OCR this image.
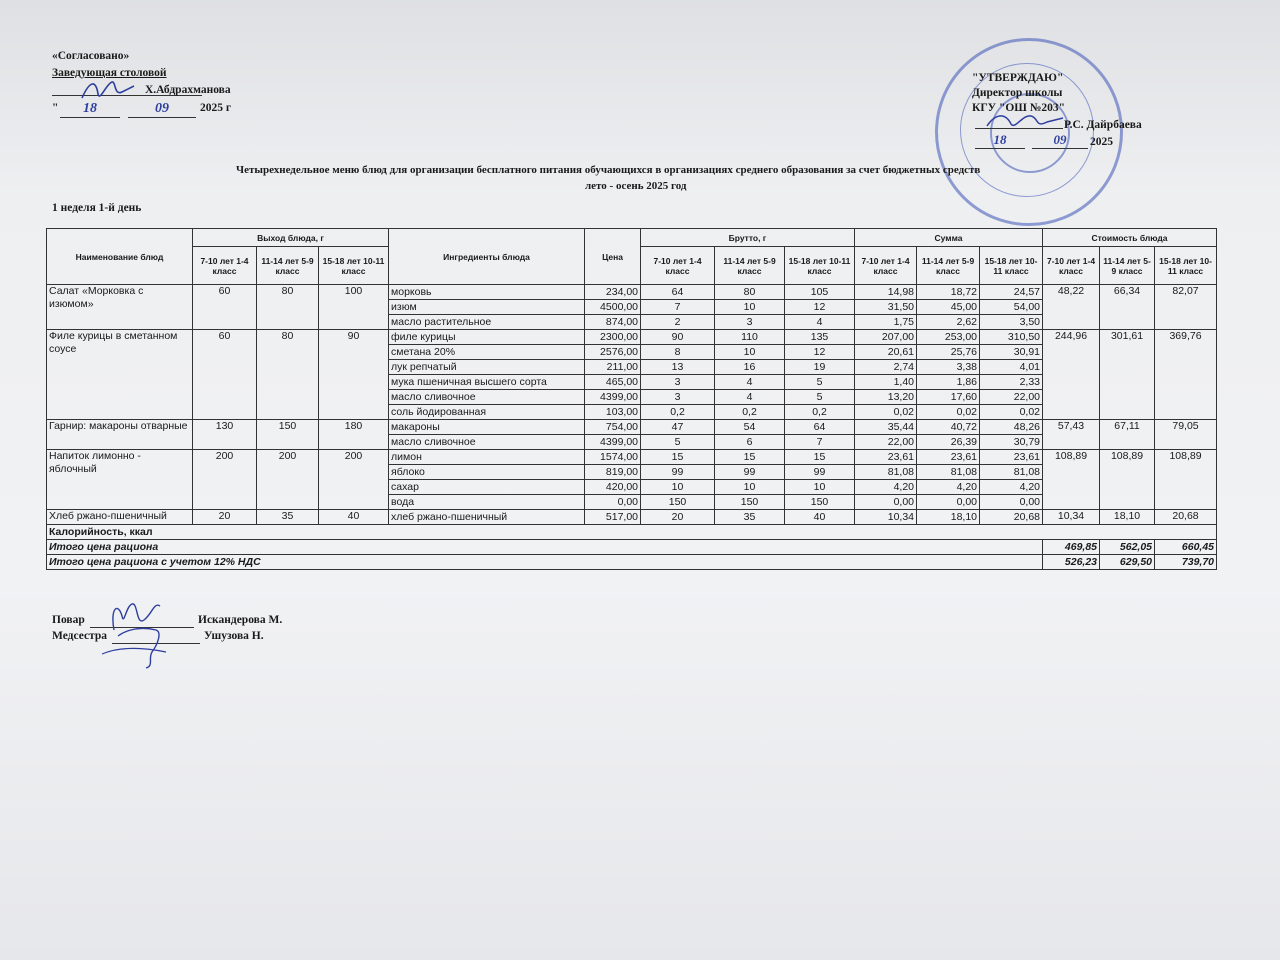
«Согласовано»
Заведующая столовой
Х.Абдрахманова
"	18	09	2025 г
"УТВЕРЖДАЮ"
Директор школы
КГУ "ОШ №203"
Р.С. Дайрбаева
18	09	2025
Четырехнедельное меню блюд для организации бесплатного питания обучающихся в организациях среднего образования за счет бюджетных средств
лето - осень 2025 год
1 неделя 1-й день
Наименование блюд	Выход блюда, г			Ингредиенты блюда	Цена	Брутто, г			Сумма			Стоимость блюда		
	7-10 лет 1-4 класс	11-14 лет 5-9 класс	15-18 лет 10-11 класс			7-10 лет 1-4 класс	11-14 лет 5-9 класс	15-18 лет 10-11 класс	7-10 лет 1-4 класс	11-14 лет 5-9 класс	15-18 лет 10-11 класс	7-10 лет 1-4 класс	11-14 лет 5-9 класс	15-18 лет 10-11 класс
Салат «Морковка с изюмом»	60	80	100	морковь	234,00	64	80	105	14,98	18,72	24,57	48,22	66,34	82,07
				изюм	4500,00	7	10	12	31,50	45,00	54,00			
				масло растительное	874,00	2	3	4	1,75	2,62	3,50			
Филе курицы в сметанном соусе	60	80	90	филе курицы	2300,00	90	110	135	207,00	253,00	310,50	244,96	301,61	369,76
				сметана 20%	2576,00	8	10	12	20,61	25,76	30,91			
				лук репчатый	211,00	13	16	19	2,74	3,38	4,01			
				мука пшеничная высшего сорта	465,00	3	4	5	1,40	1,86	2,33			
				масло сливочное	4399,00	3	4	5	13,20	17,60	22,00			
				соль йодированная	103,00	0,2	0,2	0,2	0,02	0,02	0,02			
Гарнир: макароны отварные	130	150	180	макароны	754,00	47	54	64	35,44	40,72	48,26	57,43	67,11	79,05
				масло сливочное	4399,00	5	6	7	22,00	26,39	30,79			
Напиток лимонно - яблочный	200	200	200	лимон	1574,00	15	15	15	23,61	23,61	23,61	108,89	108,89	108,89
				яблоко	819,00	99	99	99	81,08	81,08	81,08			
				сахар	420,00	10	10	10	4,20	4,20	4,20			
				вода	0,00	150	150	150	0,00	0,00	0,00			
Хлеб ржано-пшеничный	20	35	40	хлеб ржано-пшеничный	517,00	20	35	40	10,34	18,10	20,68	10,34	18,10	20,68
Калорийность, ккал														
Итого цена рациона												469,85	562,05	660,45
Итого цена рациона с учетом 12% НДС												526,23	629,50	739,70
Повар	Искандерова М.
Медсестра	Ушузова Н.
